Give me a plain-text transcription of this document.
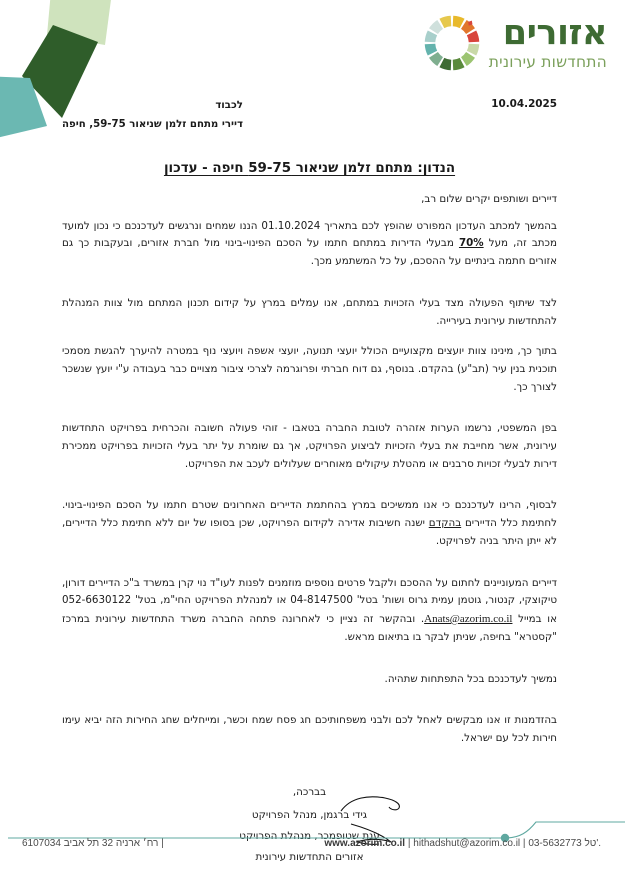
אזורים
התחדשות עירונית
10.04.2025
לכבוד
דיירי מתחם זלמן שניאור 59-75, חיפה
הנדון: מתחם זלמן שניאור 59-75 חיפה - עדכון
דיירים ושותפים יקרים שלום רב,

בהמשך למכתב העדכון המפורט שהופץ לכם בתאריך 01.10.2024 הננו שמחים ונרגשים לעדכנכם כי נכון למועד מכתב זה, מעל 70% מבעלי הדירות במתחם חתמו על הסכם הפינוי-בינוי מול חברת אזורים, ובעקבות כך גם אזורים חתמה בינתיים על ההסכם, על כל המשתמע מכך.

לצד שיתוף הפעולה מצד בעלי הזכויות במתחם, אנו עמלים במרץ על קידום תכנון המתחם מול צוות המנהלת להתחדשות עירונית בעירייה.

בתוך כך, מינינו צוות יועצים מקצועיים הכולל יועצי תנועה, יועצי אשפה ויועצי נוף במטרה להיערך להגשת מסמכי תוכנית בנין עיר (תב"ע) בהקדם. בנוסף, גם דוח חברתי ופרוגרמה לצרכי ציבור מצויים כבר בעבודה ע"י יועץ שנשכר לצורך כך.

בפן המשפטי, נרשמו הערות אזהרה לטובת החברה בטאבו - זוהי פעולה חשובה והכרחית בפרויקט התחדשות עירונית, אשר מחייבת את בעלי הזכויות לביצוע הפרויקט, אך גם שומרת על יתר בעלי הזכויות בפרויקט ממכירת דירות לבעלי זכויות סרבנים או מהטלת עיקולים מאוחרים שעלולים לעכב את הפרויקט.

לבסוף, הרינו לעדכנכם כי אנו ממשיכים במרץ בהחתמת הדיירים האחרונים שטרם חתמו על הסכם הפינוי-בינוי. לחתימת כלל הדיירים בהקדם ישנה חשיבות אדירה לקידום הפרויקט, שכן בסופו של יום ללא חתימת כלל הדיירים, לא ייתן היתר בניה לפרויקט.

דיירים המעוניינים לחתום על ההסכם ולקבל פרטים נוספים מוזמנים לפנות לעו"ד נוי קרן במשרד ב"כ הדיירים דורון, טיקוצקי, קנטור, גוטמן עמית גרוס ושות' בטל' 04-8147500 או למנהלת הפרויקט החי"מ, בטל' 052-6630122 או במייל Anats@azorim.co.il. ובהקשר זה נציין כי לאחרונה פתחה החברה משרד התחדשות עירונית במרכז "קסטרא" בחיפה, שניתן לבקר בו בתיאום מראש.

נמשיך לעדכנכם בכל התפתחות שתהיה.

בהזדמנות זו אנו מבקשים לאחל לכם ולבני משפחותיכם חג פסח שמח וכשר, ומייחלים שחג החירות הזה יביא עימו חירות לכל עם ישראל.

בברכה,
גידי ברגמן, מנהל הפרויקט
ענת שטופמכר, מנהלת הפרויקט
אזורים התחדשות עירונית
www.azorim.co.il | hithadshut@azorim.co.il | 03-5632773 טל'.
| רח׳ ארניה 32 תל אביב 6107034
